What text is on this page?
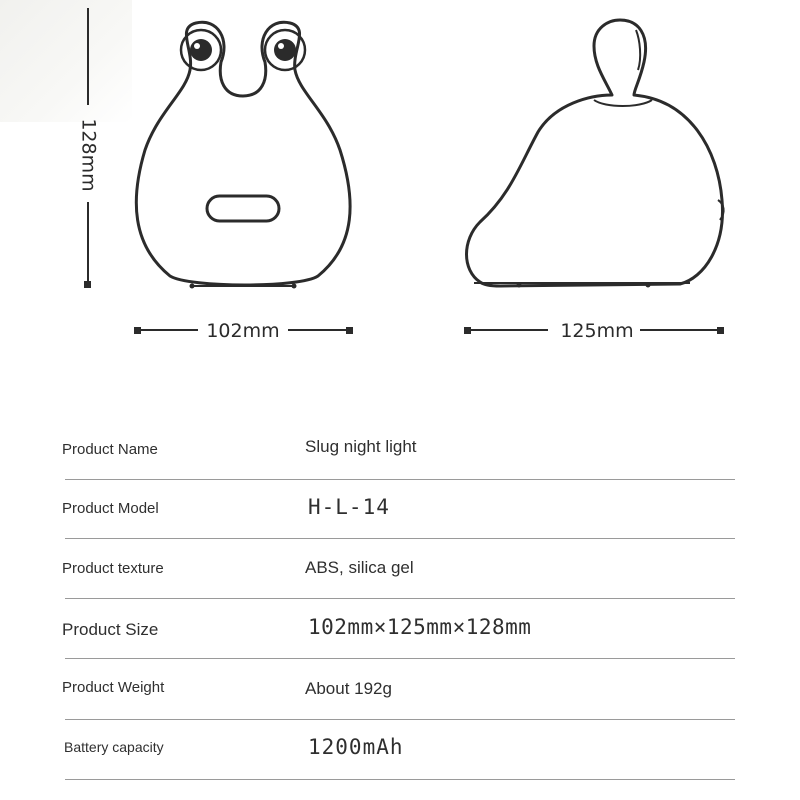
128mm
102mm	125mm
Product Name	Slug night light
Product Model	H-L-14
Product texture	ABS, silica gel
Product Size	102mm×125mm×128mm
Product Weight	About 192g
Battery capacity	1200mAh
